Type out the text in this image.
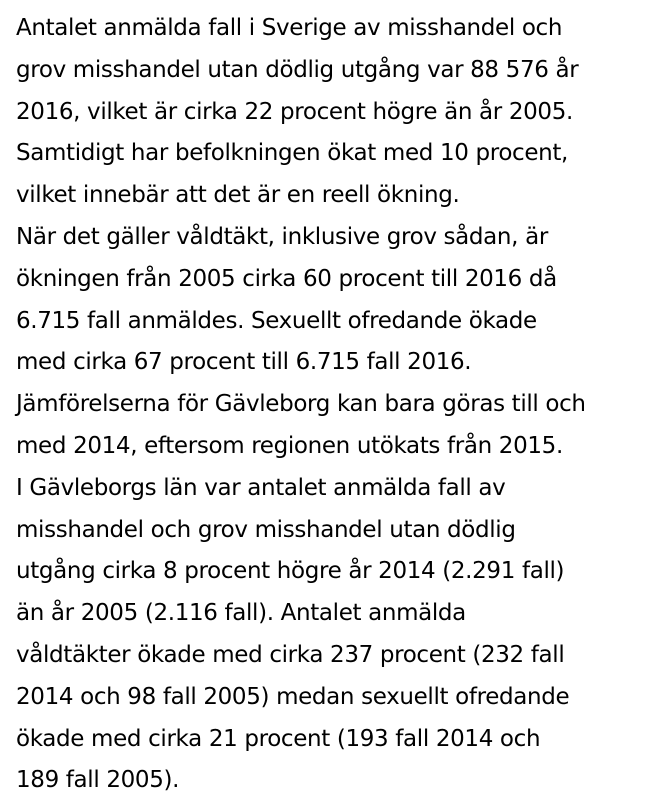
Antalet anmälda fall i Sverige av misshandel och
grov misshandel utan dödlig utgång var 88 576 år
2016, vilket är cirka 22 procent högre än år 2005.
Samtidigt har befolkningen ökat med 10 procent,
vilket innebär att det är en reell ökning.
När det gäller våldtäkt, inklusive grov sådan, är
ökningen från 2005 cirka 60 procent till 2016 då
6.715 fall anmäldes. Sexuellt ofredande ökade
med cirka 67 procent till 6.715 fall 2016.
Jämförelserna för Gävleborg kan bara göras till och
med 2014, eftersom regionen utökats från 2015.
I Gävleborgs län var antalet anmälda fall av
misshandel och grov misshandel utan dödlig
utgång cirka 8 procent högre år 2014 (2.291 fall)
än år 2005 (2.116 fall). Antalet anmälda
våldtäkter ökade med cirka 237 procent (232 fall
2014 och 98 fall 2005) medan sexuellt ofredande
ökade med cirka 21 procent (193 fall 2014 och
189 fall 2005).
